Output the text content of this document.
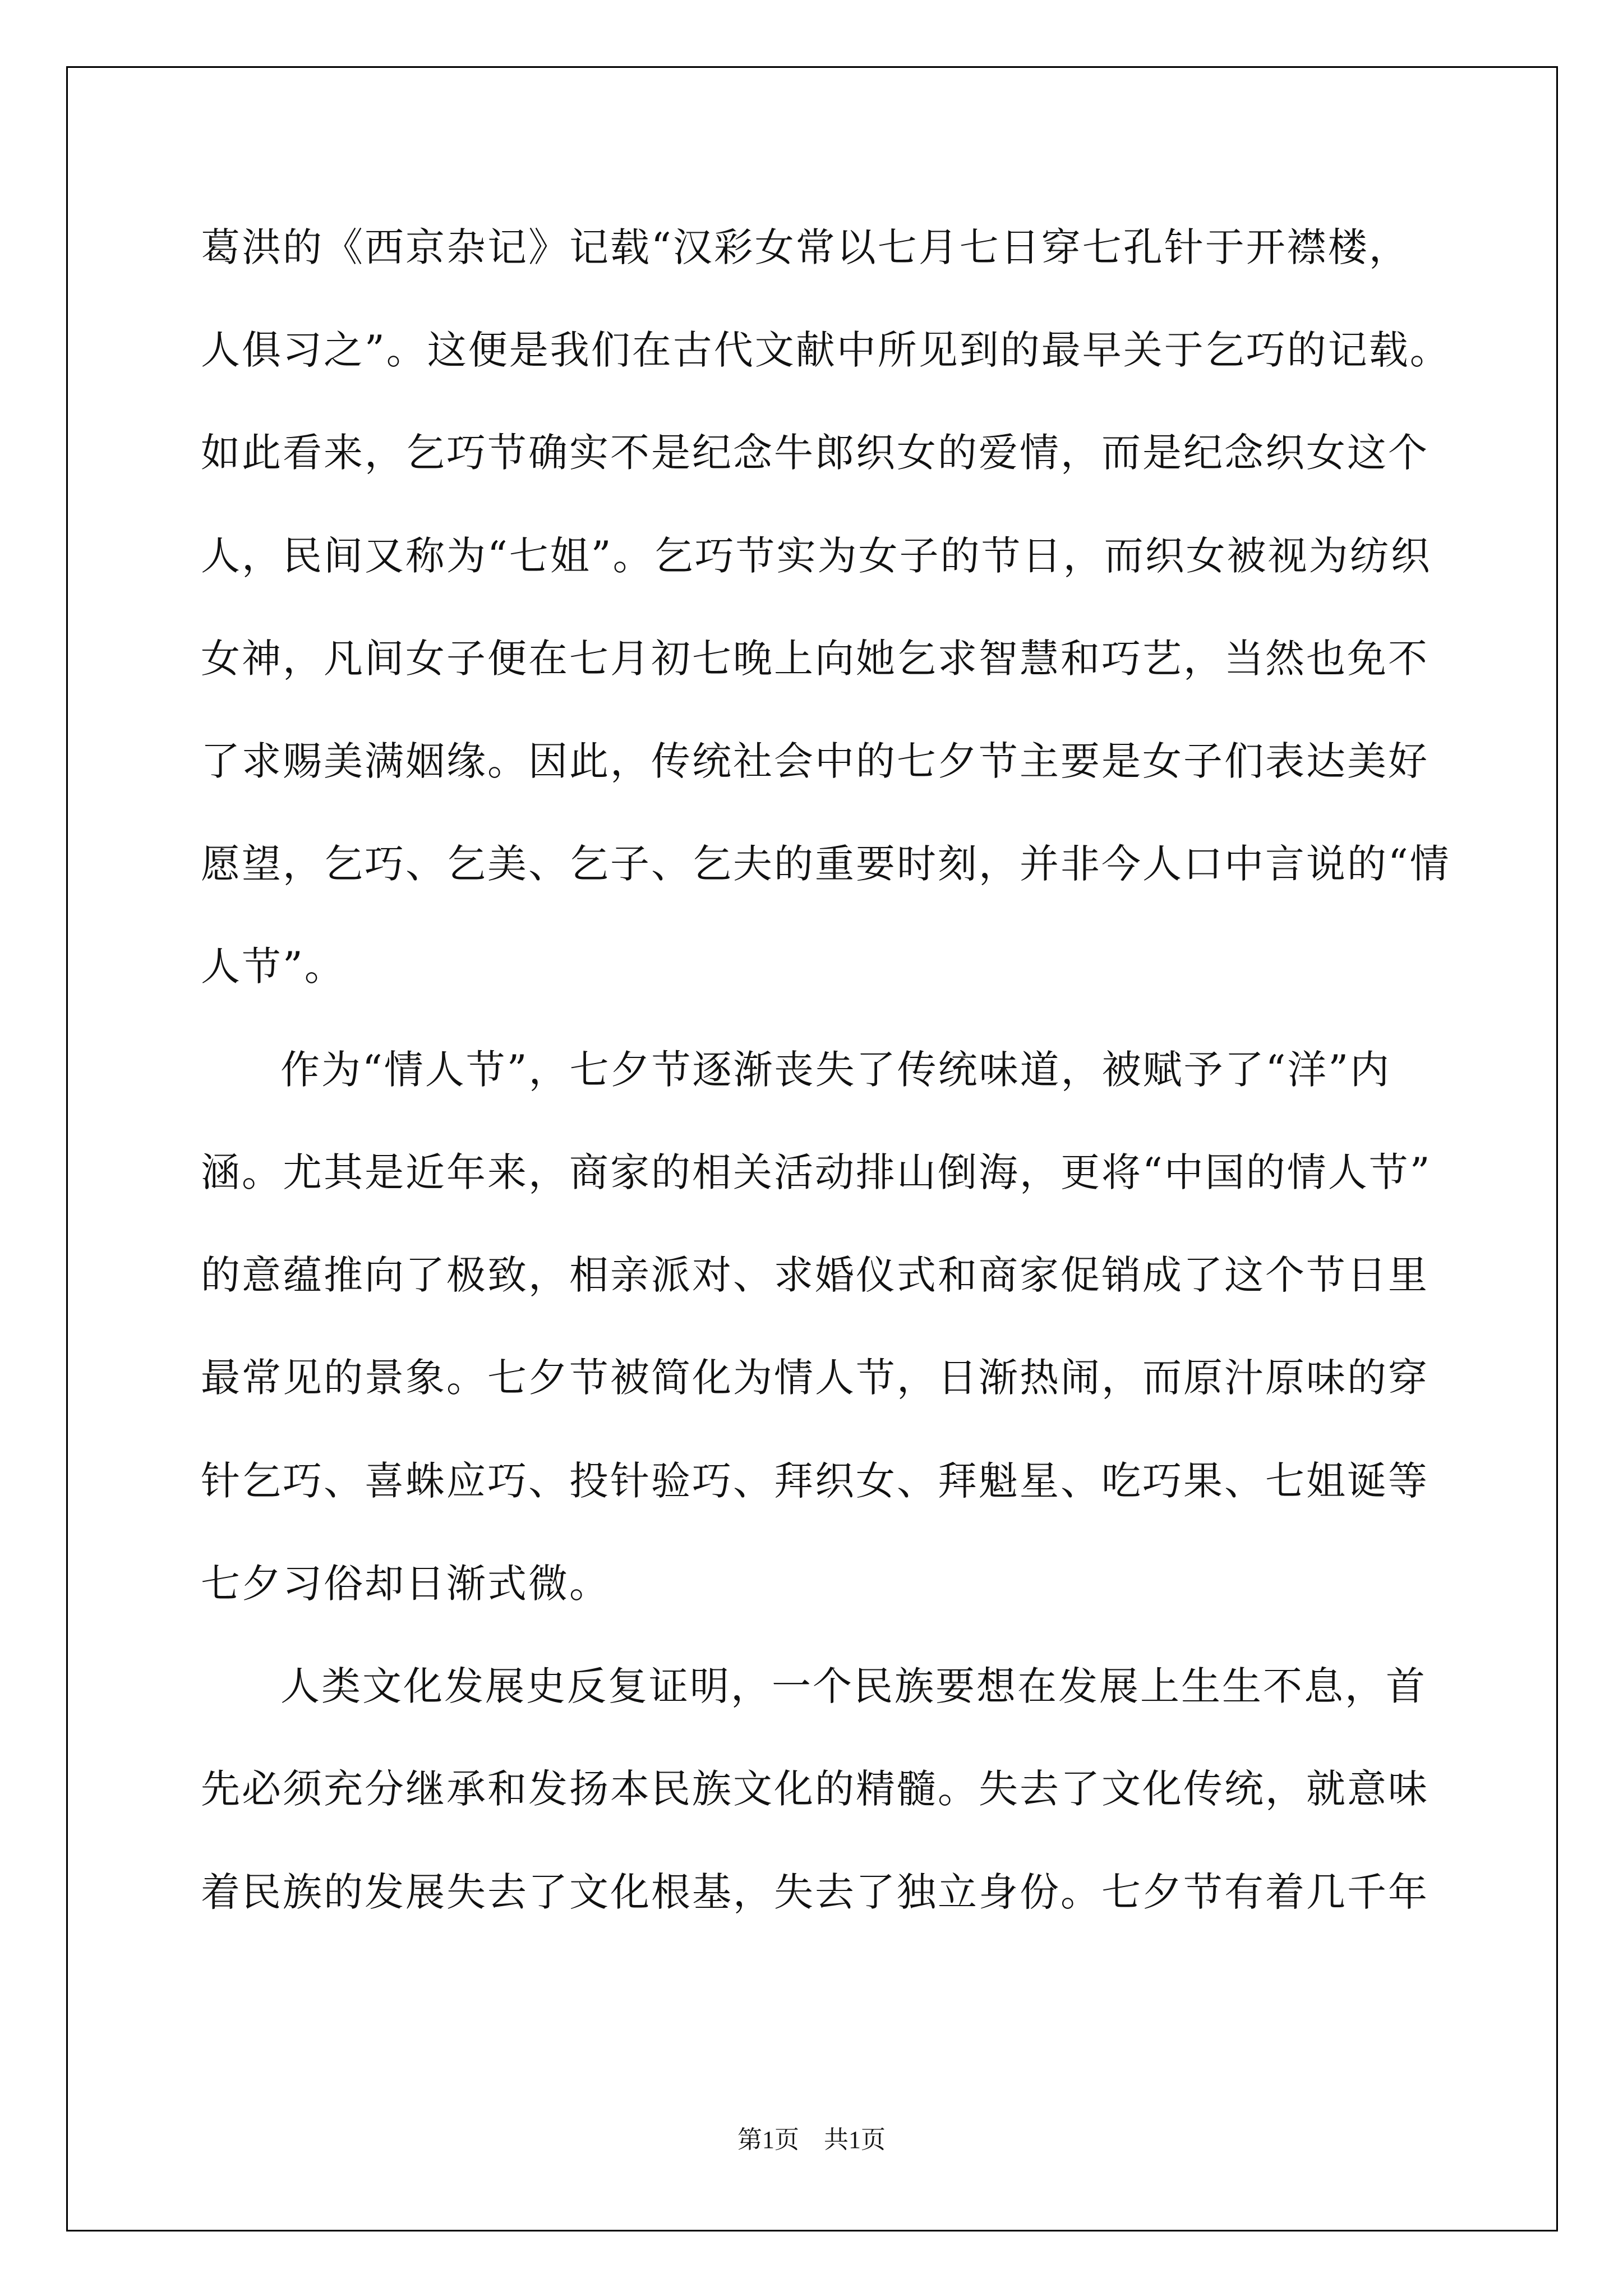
葛洪的《西京杂记》记载“汉彩女常以七月七日穿七孔针于开襟楼，
人俱习之”。这便是我们在古代文献中所见到的最早关于乞巧的记载。
如此看来，乞巧节确实不是纪念牛郎织女的爱情，而是纪念织女这个
人，民间又称为“七姐”。乞巧节实为女子的节日，而织女被视为纺织
女神，凡间女子便在七月初七晚上向她乞求智慧和巧艺，当然也免不
了求赐美满姻缘。因此，传统社会中的七夕节主要是女子们表达美好
愿望，乞巧、乞美、乞子、乞夫的重要时刻，并非今人口中言说的“情
人节”。
作为“情人节”，七夕节逐渐丧失了传统味道，被赋予了“洋”内
涵。尤其是近年来，商家的相关活动排山倒海，更将“中国的情人节”
的意蕴推向了极致，相亲派对、求婚仪式和商家促销成了这个节日里
最常见的景象。七夕节被简化为情人节，日渐热闹，而原汁原味的穿
针乞巧、喜蛛应巧、投针验巧、拜织女、拜魁星、吃巧果、七姐诞等
七夕习俗却日渐式微。
人类文化发展史反复证明，一个民族要想在发展上生生不息，首
先必须充分继承和发扬本民族文化的精髓。失去了文化传统，就意味
着民族的发展失去了文化根基，失去了独立身份。七夕节有着几千年
第1页　共1页
